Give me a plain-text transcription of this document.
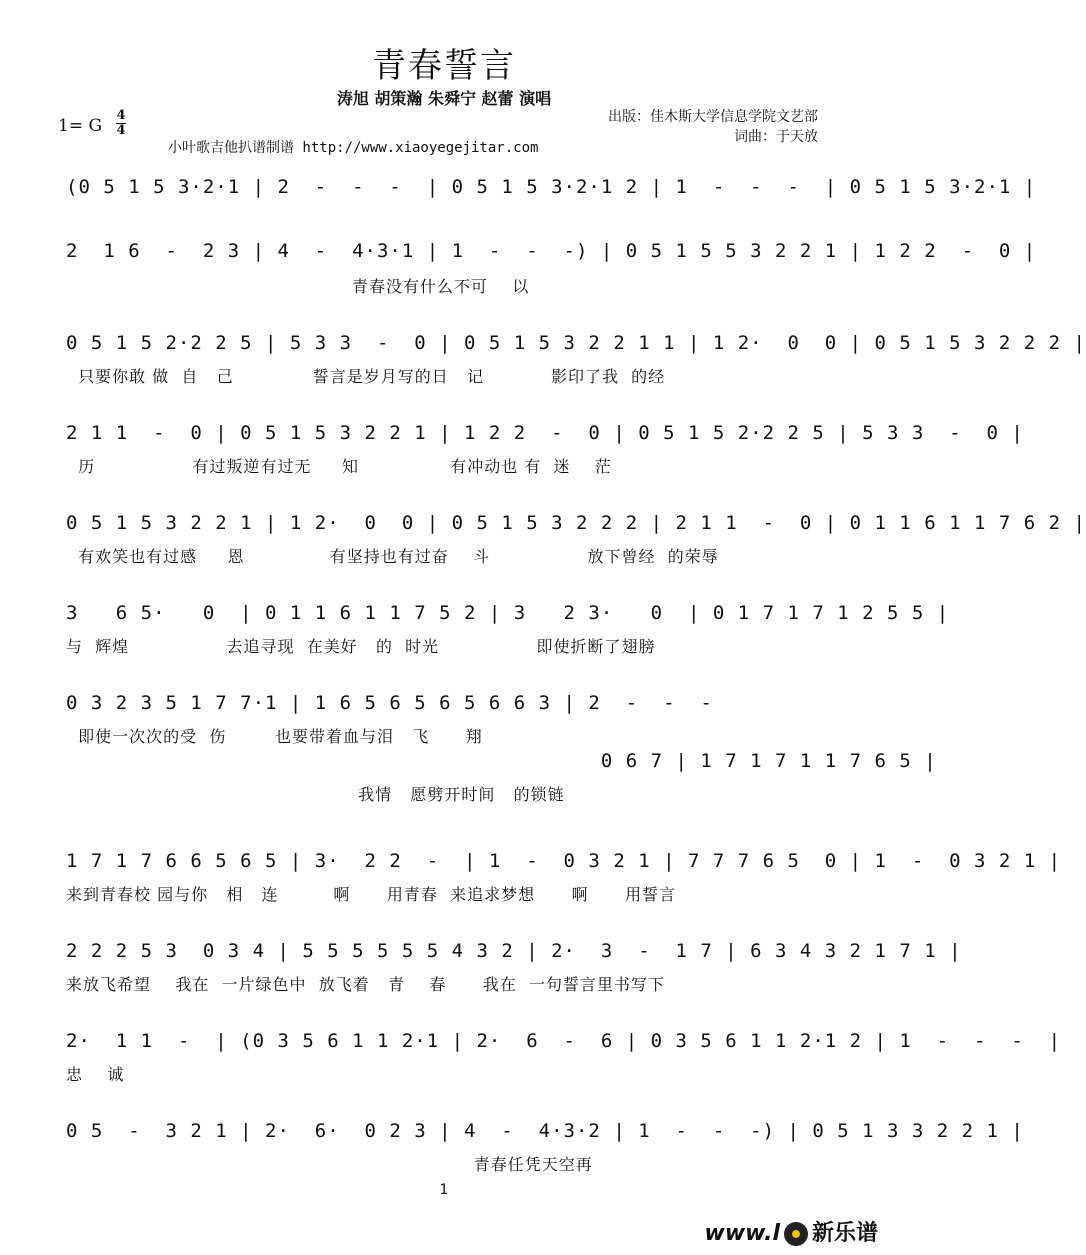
青春誓言
涛旭 胡策瀚 朱舜宁 赵蕾 演唱
出版：佳木斯大学信息学院文艺部
词曲：于天放
1= G
4
4
小叶歌吉他扒谱制谱 http://www.xiaoyegejitar.com
(0 5 1 5 3·2·1 | 2  -  -  -  | 0 5 1 5 3·2·1 2 | 1  -  -  -  | 0 5 1 5 3·2·1 |
2  1 6  -  2 3 | 4  -  4·3·1 | 1  -  -  -) | 0 5 1 5 5 3 2 2 1 | 1 2 2  -  0 |
青春没有什么不可    以
0 5 1 5 2·2 2 5 | 5 3 3  -  0 | 0 5 1 5 3 2 2 1 1 | 1 2·  0  0 | 0 5 1 5 3 2 2 2 |
只要你敢 做  自   己             誓言是岁月写的日   记           影印了我  的经
2 1 1  -  0 | 0 5 1 5 3 2 2 1 | 1 2 2  -  0 | 0 5 1 5 2·2 2 5 | 5 3 3  -  0 |
历                有过叛逆有过无     知               有冲动也 有  迷    茫
0 5 1 5 3 2 2 1 | 1 2·  0  0 | 0 5 1 5 3 2 2 2 | 2 1 1  -  0 | 0 1 1 6 1 1 7 6 2 |
有欢笑也有过感     恩              有坚持也有过奋    斗                放下曾经  的荣辱
3   6 5·   0  | 0 1 1 6 1 1 7 5 2 | 3   2 3·   0  | 0 1 7 1 7 1 2 5 5 |
与  辉煌                去追寻现  在美好   的  时光                即使折断了翅膀
0 3 2 3 5 1 7 7·1 | 1 6 5 6 5 6 5 6 6 3 | 2  -  -  -
即使一次次的受  伤        也要带着血与泪   飞      翔
0 6 7 | 1 7 1 7 1 1 7 6 5 |
我情   愿劈开时间   的锁链
1 7 1 7 6 6 5 6 5 | 3·  2 2  -  | 1  -  0 3 2 1 | 7 7 7 6 5  0 | 1  -  0 3 2 1 |
来到青春校 园与你   相   连         啊      用青春  来追求梦想      啊      用誓言
2 2 2 5 3  0 3 4 | 5 5 5 5 5 5 4 3 2 | 2·  3  -  1 7 | 6 3 4 3 2 1 7 1 |
来放飞希望    我在  一片绿色中  放飞着   青    春      我在  一句誓言里书写下
2·  1 1  -  | (0 3 5 6 1 1 2·1 | 2·  6  -  6 | 0 3 5 6 1 1 2·1 2 | 1  -  -  -  |
忠    诚
0 5  -  3 2 1 | 2·  6·  0 2 3 | 4  -  4·3·2 | 1  -  -  -) | 0 5 1 3 3 2 2 1 |
青春任凭天空再
1
www.l 新乐谱
